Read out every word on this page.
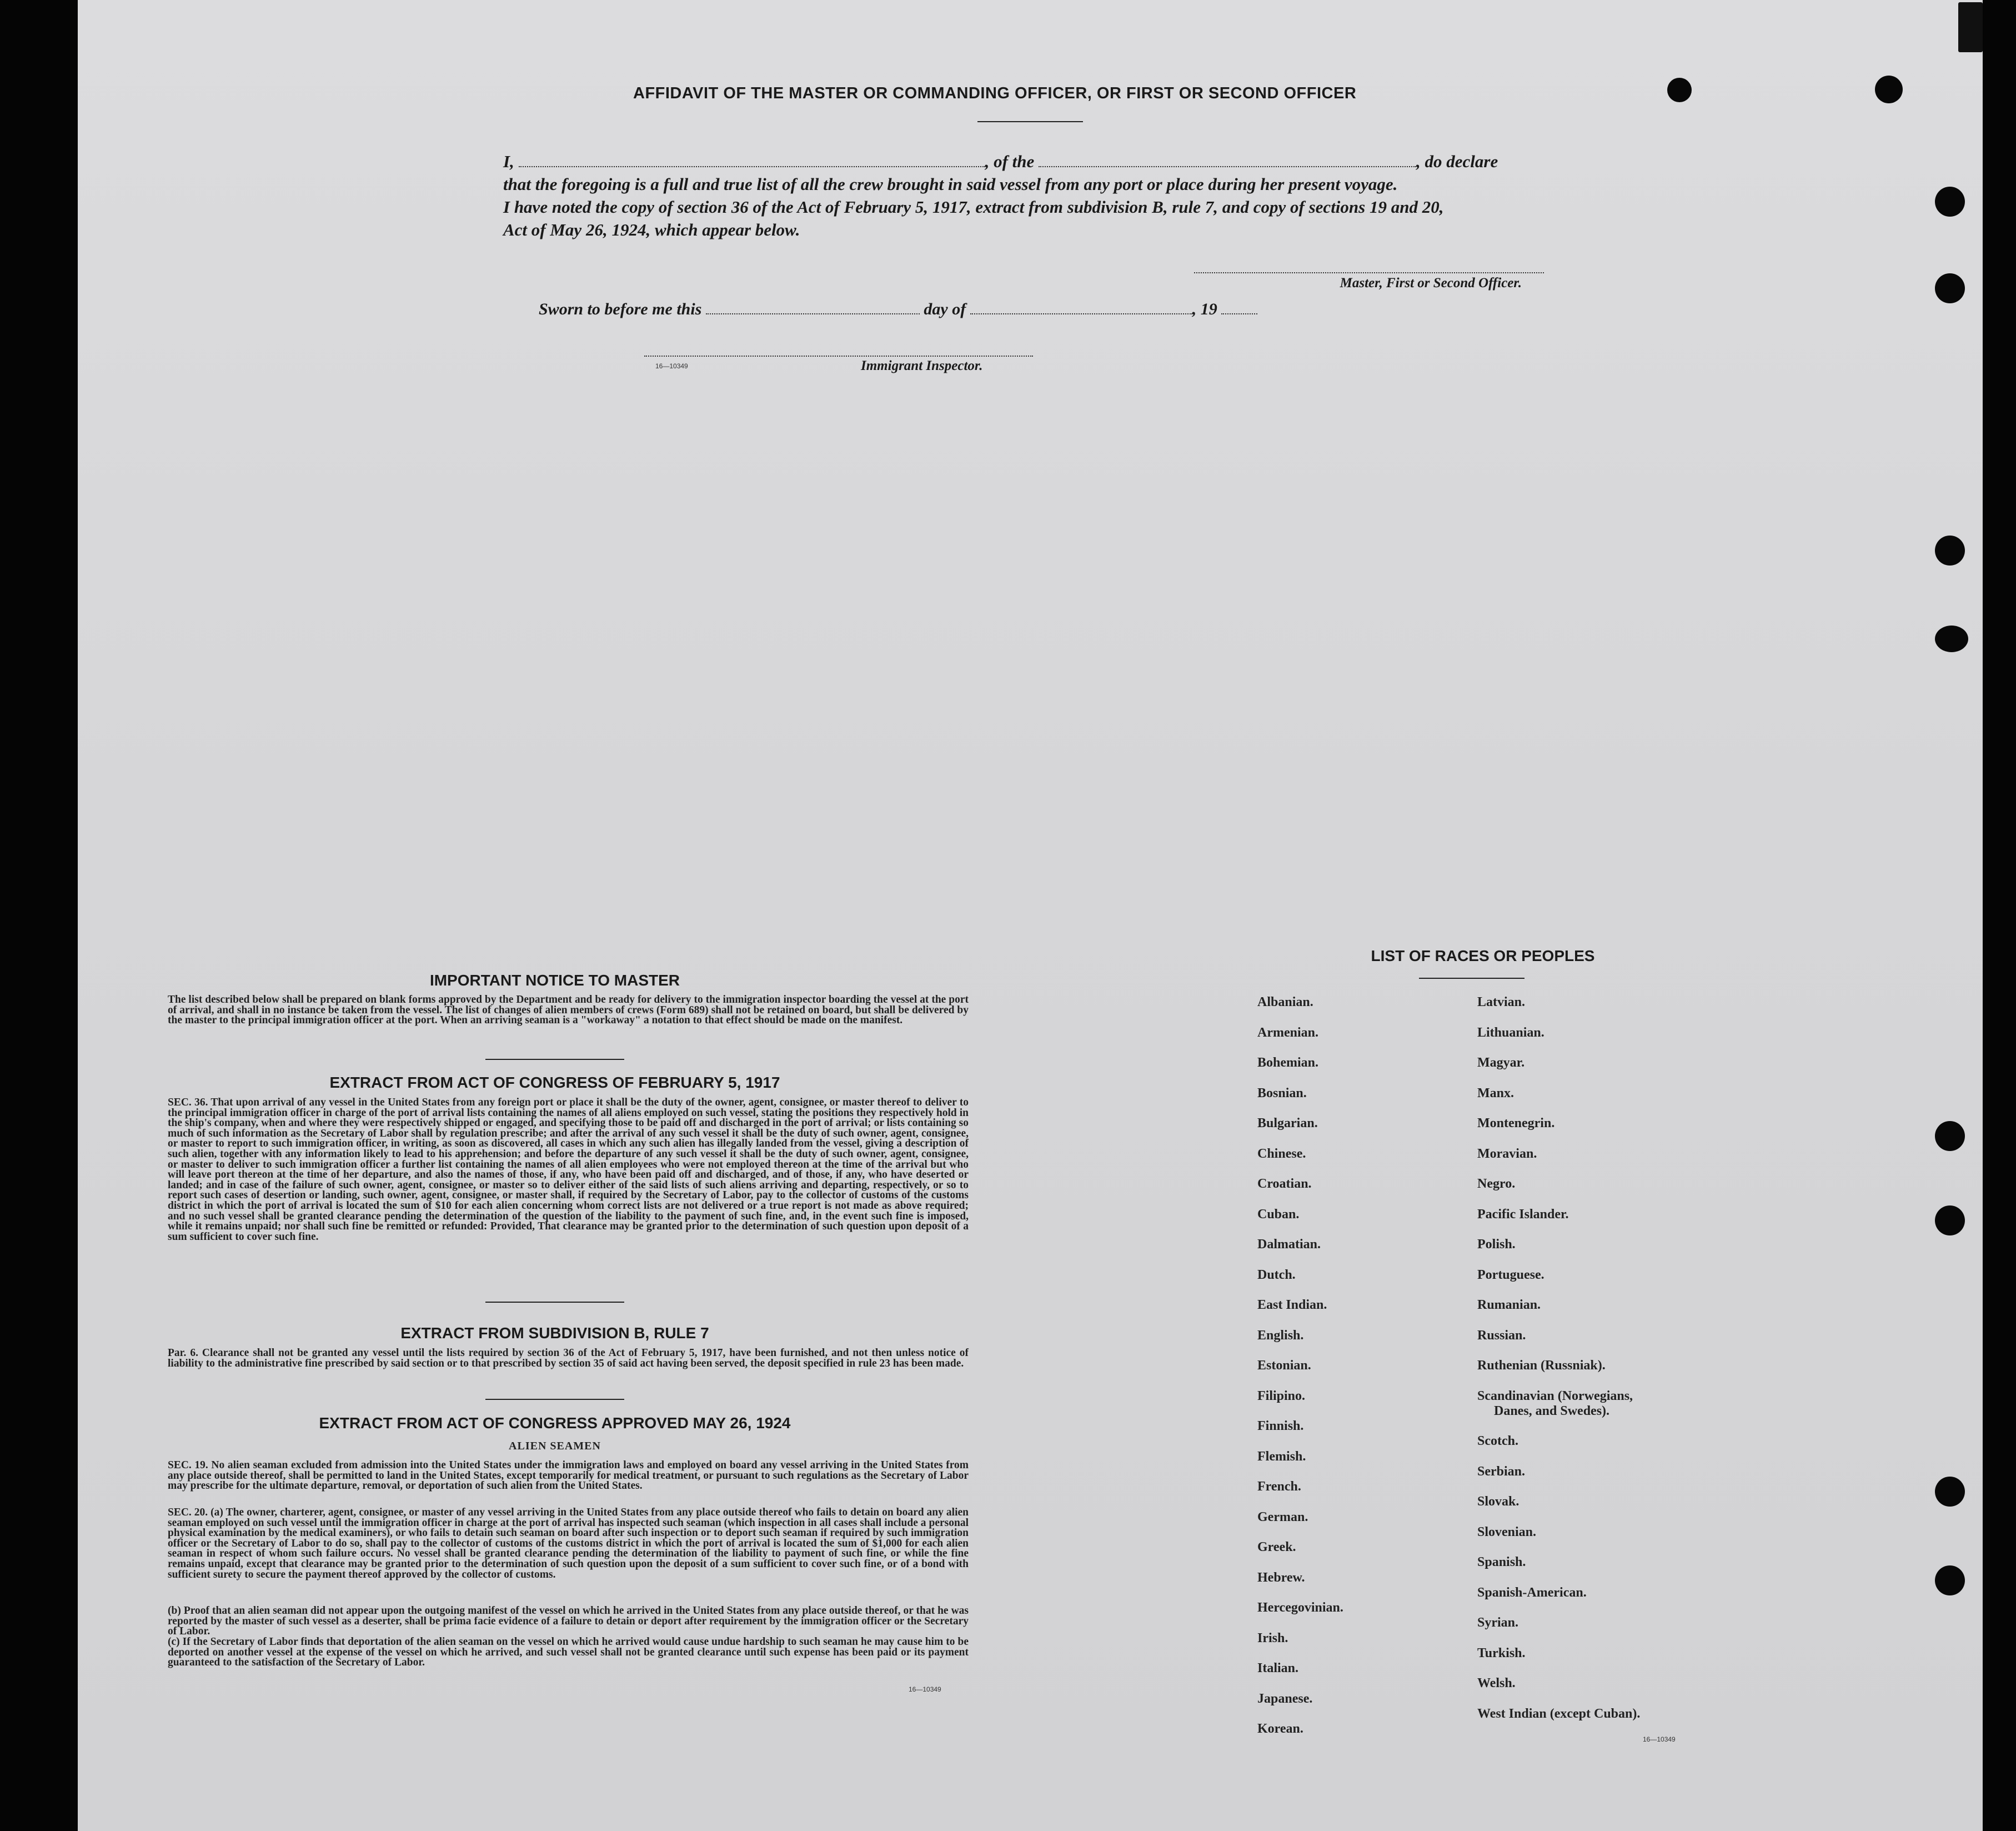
AFFIDAVIT OF THE MASTER OR COMMANDING OFFICER, OR FIRST OR SECOND OFFICER
I,	, of the	, do declare
that the foregoing is a full and true list of all the crew brought in said vessel from any port or place during her present voyage.
I have noted the copy of section 36 of the Act of February 5, 1917, extract from subdivision B, rule 7, and copy of sections 19 and 20,
Act of May 26, 1924, which appear below.
Master, First or Second Officer.
Sworn to before me this	day of	, 19
16—10349	Immigrant Inspector.
IMPORTANT NOTICE TO MASTER
The list described below shall be prepared on blank forms approved by the Department and be ready for delivery to the immigration inspector boarding the vessel at the port of arrival, and shall in no instance be taken from the vessel. The list of changes of alien members of crews (Form 689) shall not be retained on board, but shall be delivered by the master to the principal immigration officer at the port. When an arriving seaman is a "workaway" a notation to that effect should be made on the manifest.
EXTRACT FROM ACT OF CONGRESS OF FEBRUARY 5, 1917
SEC. 36. That upon arrival of any vessel in the United States from any foreign port or place it shall be the duty of the owner, agent, consignee, or master thereof to deliver to the principal immigration officer in charge of the port of arrival lists containing the names of all aliens employed on such vessel, stating the positions they respectively hold in the ship's company, when and where they were respectively shipped or engaged, and specifying those to be paid off and discharged in the port of arrival; or lists containing so much of such information as the Secretary of Labor shall by regulation prescribe; and after the arrival of any such vessel it shall be the duty of such owner, agent, consignee, or master to report to such immigration officer, in writing, as soon as discovered, all cases in which any such alien has illegally landed from the vessel, giving a description of such alien, together with any information likely to lead to his apprehension; and before the departure of any such vessel it shall be the duty of such owner, agent, consignee, or master to deliver to such immigration officer a further list containing the names of all alien employees who were not employed thereon at the time of the arrival but who will leave port thereon at the time of her departure, and also the names of those, if any, who have been paid off and discharged, and of those, if any, who have deserted or landed; and in case of the failure of such owner, agent, consignee, or master so to deliver either of the said lists of such aliens arriving and departing, respectively, or so to report such cases of desertion or landing, such owner, agent, consignee, or master shall, if required by the Secretary of Labor, pay to the collector of customs of the customs district in which the port of arrival is located the sum of $10 for each alien concerning whom correct lists are not delivered or a true report is not made as above required; and no such vessel shall be granted clearance pending the determination of the question of the liability to the payment of such fine, and, in the event such fine is imposed, while it remains unpaid; nor shall such fine be remitted or refunded: Provided, That clearance may be granted prior to the determination of such question upon deposit of a sum sufficient to cover such fine.
EXTRACT FROM SUBDIVISION B, RULE 7
Par. 6. Clearance shall not be granted any vessel until the lists required by section 36 of the Act of February 5, 1917, have been furnished, and not then unless notice of liability to the administrative fine prescribed by said section or to that prescribed by section 35 of said act having been served, the deposit specified in rule 23 has been made.
EXTRACT FROM ACT OF CONGRESS APPROVED MAY 26, 1924
ALIEN SEAMEN
SEC. 19. No alien seaman excluded from admission into the United States under the immigration laws and employed on board any vessel arriving in the United States from any place outside thereof, shall be permitted to land in the United States, except temporarily for medical treatment, or pursuant to such regulations as the Secretary of Labor may prescribe for the ultimate departure, removal, or deportation of such alien from the United States.
SEC. 20. (a) The owner, charterer, agent, consignee, or master of any vessel arriving in the United States from any place outside thereof who fails to detain on board any alien seaman employed on such vessel until the immigration officer in charge at the port of arrival has inspected such seaman (which inspection in all cases shall include a personal physical examination by the medical examiners), or who fails to detain such seaman on board after such inspection or to deport such seaman if required by such immigration officer or the Secretary of Labor to do so, shall pay to the collector of customs of the customs district in which the port of arrival is located the sum of $1,000 for each alien seaman in respect of whom such failure occurs. No vessel shall be granted clearance pending the determination of the liability to payment of such fine, or while the fine remains unpaid, except that clearance may be granted prior to the determination of such question upon the deposit of a sum sufficient to cover such fine, or of a bond with sufficient surety to secure the payment thereof approved by the collector of customs.
(b) Proof that an alien seaman did not appear upon the outgoing manifest of the vessel on which he arrived in the United States from any place outside thereof, or that he was reported by the master of such vessel as a deserter, shall be prima facie evidence of a failure to detain or deport after requirement by the immigration officer or the Secretary of Labor.
(c) If the Secretary of Labor finds that deportation of the alien seaman on the vessel on which he arrived would cause undue hardship to such seaman he may cause him to be deported on another vessel at the expense of the vessel on which he arrived, and such vessel shall not be granted clearance until such expense has been paid or its payment guaranteed to the satisfaction of the Secretary of Labor.
16—10349
LIST OF RACES OR PEOPLES
Albanian.
Armenian.
Bohemian.
Bosnian.
Bulgarian.
Chinese.
Croatian.
Cuban.
Dalmatian.
Dutch.
East Indian.
English.
Estonian.
Filipino.
Finnish.
Flemish.
French.
German.
Greek.
Hebrew.
Hercegovinian.
Irish.
Italian.
Japanese.
Korean.
Latvian.
Lithuanian.
Magyar.
Manx.
Montenegrin.
Moravian.
Negro.
Pacific Islander.
Polish.
Portuguese.
Rumanian.
Russian.
Ruthenian (Russniak).
Scandinavian (Norwegians,
Danes, and Swedes).
Scotch.
Serbian.
Slovak.
Slovenian.
Spanish.
Spanish-American.
Syrian.
Turkish.
Welsh.
West Indian (except Cuban).
16—10349
